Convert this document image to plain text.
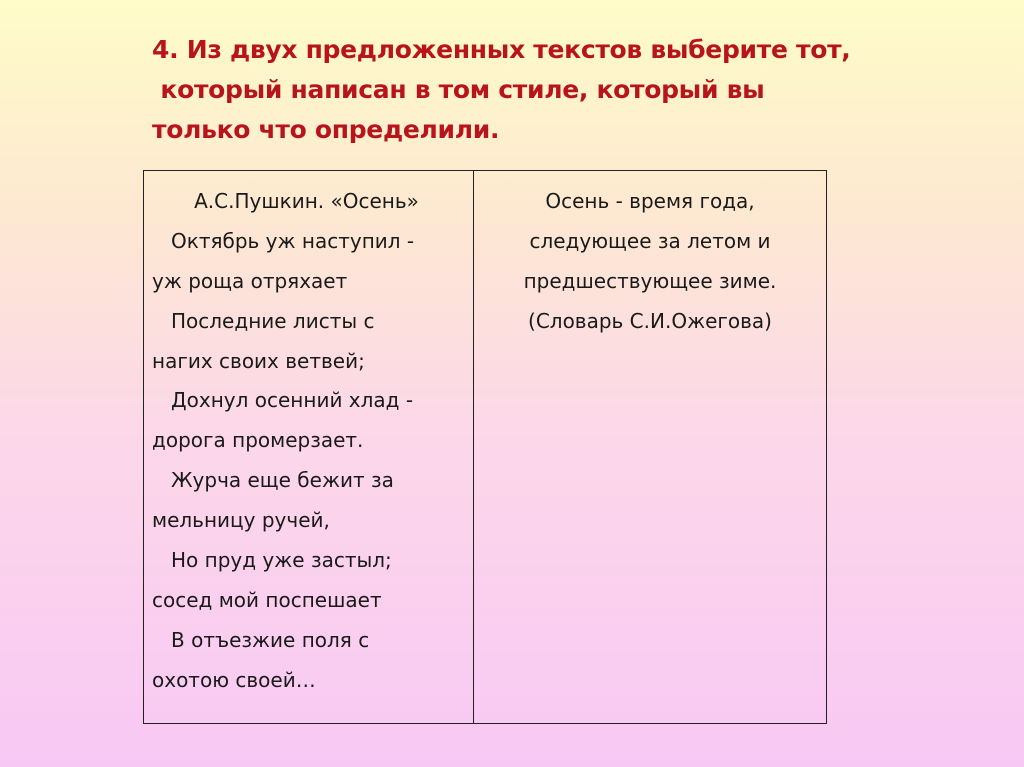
4. Из двух предложенных текстов выберите тот,
который написан в том стиле, который вы
только что определили.
А.С.Пушкин. «Осень»
Октябрь уж наступил -
уж роща отряхает
Последние листы с
нагих своих ветвей;
Дохнул осенний хлад -
дорога промерзает.
Журча еще бежит за
мельницу ручей,
Но пруд уже застыл;
сосед мой поспешает
В отъезжие поля с
охотою своей…
Осень - время года,
следующее за летом и
предшествующее зиме.
(Словарь С.И.Ожегова)
